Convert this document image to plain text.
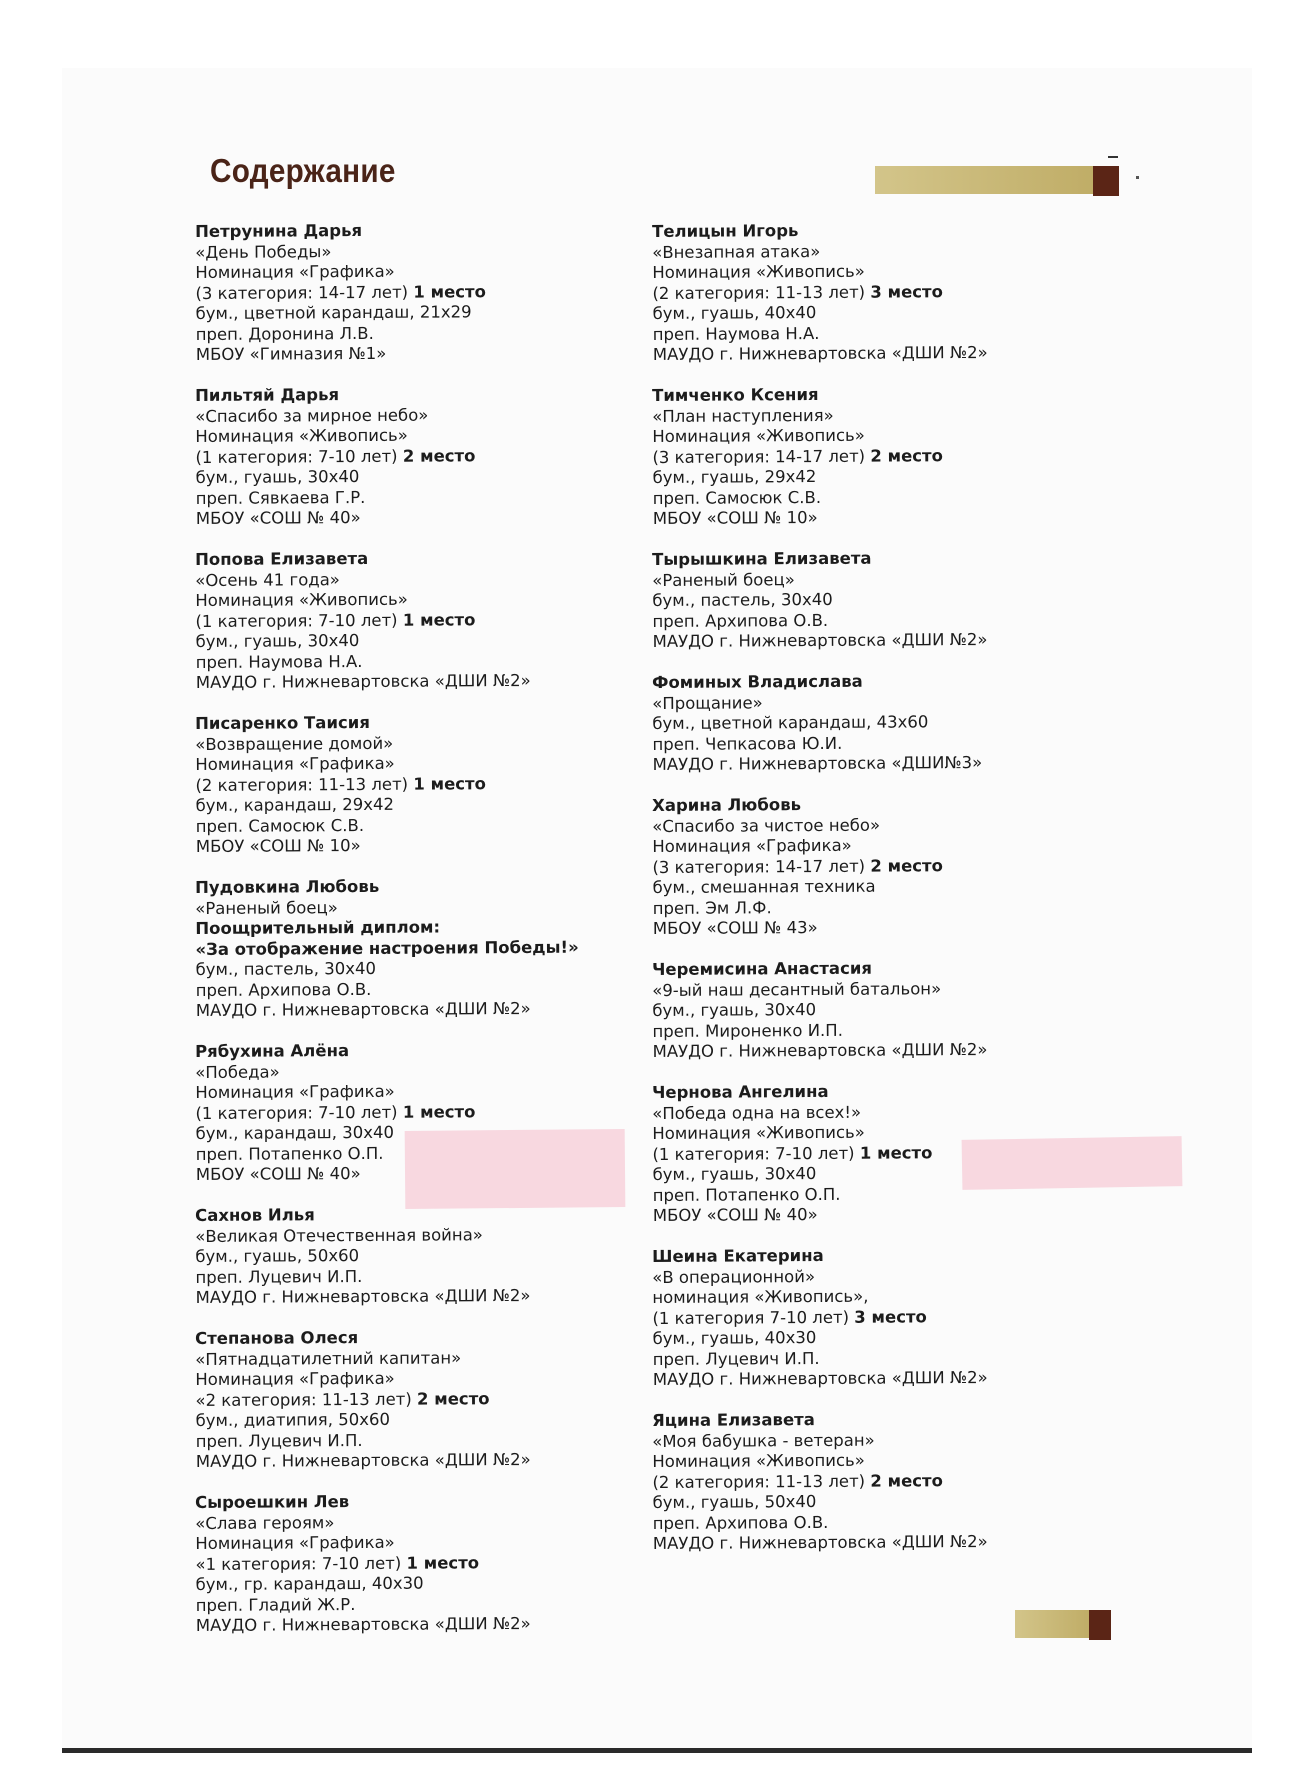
Содержание
Петрунина Дарья
«День Победы»
Номинация «Графика»
(3 категория: 14-17 лет) 1 место
бум., цветной карандаш, 21х29
преп. Доронина Л.В.
МБОУ «Гимназия №1»
Пильтяй Дарья
«Спасибо за мирное небо»
Номинация «Живопись»
(1 категория: 7-10 лет) 2 место
бум., гуашь, 30х40
преп. Сявкаева Г.Р.
МБОУ «СОШ № 40»
Попова Елизавета
«Осень 41 года»
Номинация «Живопись»
(1 категория: 7-10 лет) 1 место
бум., гуашь, 30х40
преп. Наумова Н.А.
МАУДО г. Нижневартовска «ДШИ №2»
Писаренко Таисия
«Возвращение домой»
Номинация «Графика»
(2 категория: 11-13 лет) 1 место
бум., карандаш, 29х42
преп. Самосюк С.В.
МБОУ «СОШ № 10»
Пудовкина Любовь
«Раненый боец»
Поощрительный диплом:
«За отображение настроения Победы!»
бум., пастель, 30х40
преп. Архипова О.В.
МАУДО г. Нижневартовска «ДШИ №2»
Рябухина Алёна
«Победа»
Номинация «Графика»
(1 категория: 7-10 лет) 1 место
бум., карандаш, 30х40
преп. Потапенко О.П.
МБОУ «СОШ № 40»
Сахнов Илья
«Великая Отечественная война»
бум., гуашь, 50х60
преп. Луцевич И.П.
МАУДО г. Нижневартовска «ДШИ №2»
Степанова Олеся
«Пятнадцатилетний капитан»
Номинация «Графика»
«2 категория: 11-13 лет) 2 место
бум., диатипия, 50х60
преп. Луцевич И.П.
МАУДО г. Нижневартовска «ДШИ №2»
Сыроешкин Лев
«Слава героям»
Номинация «Графика»
«1 категория: 7-10 лет) 1 место
бум., гр. карандаш, 40х30
преп. Гладий Ж.Р.
МАУДО г. Нижневартовска «ДШИ №2»
Телицын Игорь
«Внезапная атака»
Номинация «Живопись»
(2 категория: 11-13 лет) 3 место
бум., гуашь, 40х40
преп. Наумова Н.А.
МАУДО г. Нижневартовска «ДШИ №2»
Тимченко Ксения
«План наступления»
Номинация «Живопись»
(3 категория: 14-17 лет) 2 место
бум., гуашь, 29х42
преп. Самосюк С.В.
МБОУ «СОШ № 10»
Тырышкина Елизавета
«Раненый боец»
бум., пастель, 30х40
преп. Архипова О.В.
МАУДО г. Нижневартовска «ДШИ №2»
Фоминых Владислава
«Прощание»
бум., цветной карандаш, 43х60
преп. Чепкасова Ю.И.
МАУДО г. Нижневартовска «ДШИ№3»
Харина Любовь
«Спасибо за чистое небо»
Номинация «Графика»
(3 категория: 14-17 лет) 2 место
бум., смешанная техника
преп. Эм Л.Ф.
МБОУ «СОШ № 43»
Черемисина Анастасия
«9-ый наш десантный батальон»
бум., гуашь, 30х40
преп. Мироненко И.П.
МАУДО г. Нижневартовска «ДШИ №2»
Чернова Ангелина
«Победа одна на всех!»
Номинация «Живопись»
(1 категория: 7-10 лет) 1 место
бум., гуашь, 30х40
преп. Потапенко О.П.
МБОУ «СОШ № 40»
Шеина Екатерина
«В операционной»
номинация «Живопись»,
(1 категория 7-10 лет) 3 место
бум., гуашь, 40х30
преп. Луцевич И.П.
МАУДО г. Нижневартовска «ДШИ №2»
Яцина Елизавета
«Моя бабушка - ветеран»
Номинация «Живопись»
(2 категория: 11-13 лет) 2 место
бум., гуашь, 50х40
преп. Архипова О.В.
МАУДО г. Нижневартовска «ДШИ №2»
